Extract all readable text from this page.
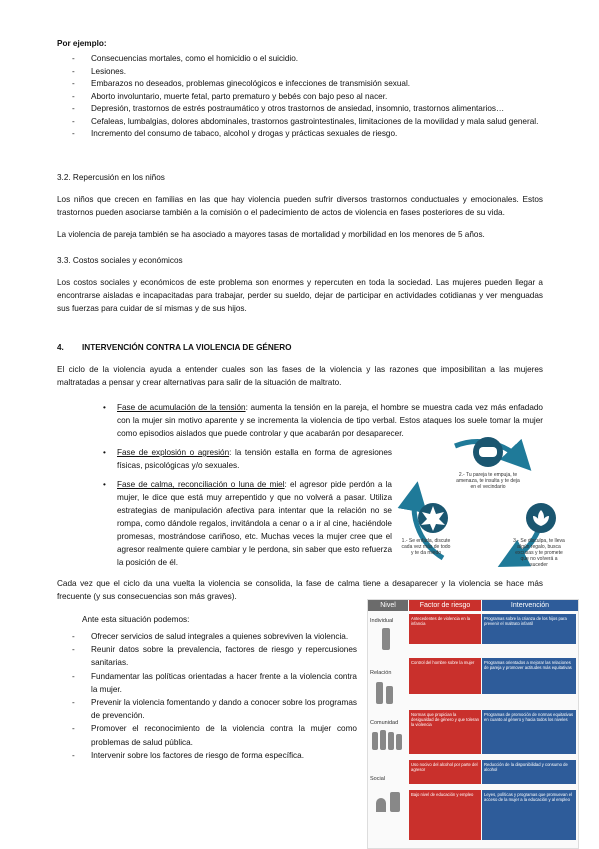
Por ejemplo:
- Consecuencias mortales, como el homicidio o el suicidio.
- Lesiones.
- Embarazos no deseados, problemas ginecológicos e infecciones de transmisión sexual.
- Aborto involuntario, muerte fetal, parto prematuro y bebés con bajo peso al nacer.
- Depresión, trastornos de estrés postraumático y otros trastornos de ansiedad, insomnio, trastornos alimentarios…
- Cefaleas, lumbalgias, dolores abdominales, trastornos gastrointestinales, limitaciones de la movilidad y mala salud general.
- Incremento del consumo de tabaco, alcohol y drogas y prácticas sexuales de riesgo.
3.2. Repercusión en los niños
Los niños que crecen en familias en las que hay violencia pueden sufrir diversos trastornos conductuales y emocionales. Estos trastornos pueden asociarse también a la comisión o el padecimiento de actos de violencia en fases posteriores de su vida.
La violencia de pareja también se ha asociado a mayores tasas de mortalidad y morbilidad en los menores de 5 años.
3.3. Costos sociales y económicos
Los costos sociales y económicos de este problema son enormes y repercuten en toda la sociedad. Las mujeres pueden llegar a encontrarse aisladas e incapacitadas para trabajar, perder su sueldo, dejar de participar en actividades cotidianas y ver menguadas sus fuerzas para cuidar de sí mismas y de sus hijos.
4. INTERVENCIÓN CONTRA LA VIOLENCIA DE GÉNERO
El ciclo de la violencia ayuda a entender cuales son las fases de la violencia y las razones que imposibilitan a las mujeres maltratadas a pensar y crear alternativas para salir de la situación de maltrato.
• Fase de acumulación de la tensión: aumenta la tensión en la pareja, el hombre se muestra cada vez más enfadado con la mujer sin motivo aparente y se incrementa la violencia de tipo verbal. Estos ataques los suele tomar la mujer como episodios aislados que puede controlar y que acabarán por desaparecer.
• Fase de explosión o agresión: la tensión estalla en forma de agresiones físicas, psicológicas y/o sexuales.
• Fase de calma, reconciliación o luna de miel: el agresor pide perdón a la mujer, le dice que está muy arrepentido y que no volverá a pasar. Utiliza estrategias de manipulación afectiva para intentar que la relación no se rompa, como dándole regalos, invitándola a cenar o a ir al cine, haciéndole promesas, mostrándose cariñoso, etc. Muchas veces la mujer cree que el agresor realmente quiere cambiar y le perdona, sin saber que esto refuerza la posición de él.
2.- Tu pareja te empuja, te amenaza, te insulta y te deja en el vecindario
3.- Se disculpa, te lleva algún regalo, busca excusas y te promete que no volverá a suceder
1.- Se enfada, discute cada vez más de todo y te da miedo
Cada vez que el ciclo da una vuelta la violencia se consolida, la fase de calma tiene a desaparecer y la violencia se hace más frecuente (y sus consecuencias son más graves).
Ante esta situación podemos:
- Ofrecer servicios de salud integrales a quienes sobreviven la violencia.
- Reunir datos sobre la prevalencia, factores de riesgo y repercusiones sanitarias.
- Fundamentar las políticas orientadas a hacer frente a la violencia contra la mujer.
- Prevenir la violencia fomentando y dando a conocer sobre los programas de prevención.
- Promover el reconocimiento de la violencia contra la mujer como problemas de salud pública.
- Intervenir sobre los factores de riesgo de forma específica.
Nivel	Factor de riesgo	Intervención
Individual
Relación
Comunidad
Social
Antecedentes de violencia en la infancia
Control del hombre sobre la mujer
Normas que propician la desigualdad de género y que toleran la violencia
Uso nocivo del alcohol por parte del agresor
Bajo nivel de educación y empleo
Programas sobre la crianza de los hijos para prevenir el maltrato infantil
Programas orientados a mejorar las relaciones de pareja y promover actitudes más equitativas
Programas de promoción de normas equitativas en cuanto al género y hacia todos los niveles
Reducción de la disponibilidad y consumo de alcohol
Leyes, políticas y programas que promuevan el acceso de la mujer a la educación y al empleo
